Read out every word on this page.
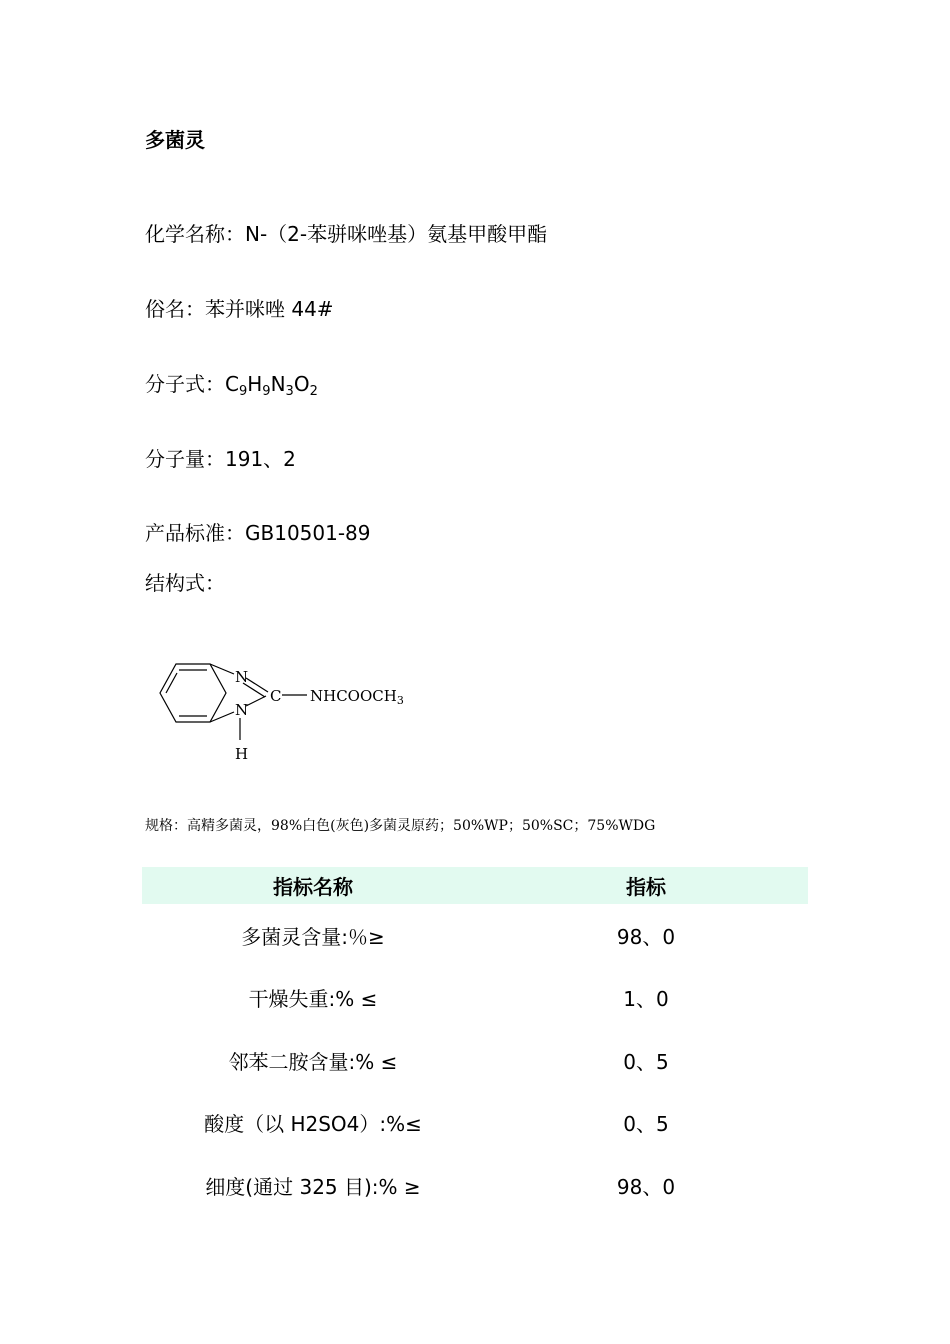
多菌灵
化学名称：N-（2-苯骈咪唑基）氨基甲酸甲酯
俗名：苯并咪唑 44#
分子式：$C_9H_9N_3O_2$
分子量：191、2
产品标准：GB10501-89
结构式：
N
N
C $NHCOOCH_3$
H
规格：高精多菌灵，98%白色(灰色)多菌灵原药；50%WP；50%SC；75%WDG
指标名称	指标
多菌灵含量:％≥	98、0
干燥失重:% ≤	1、0
邻苯二胺含量:% ≤	0、5
酸度（以 H2SO4）:%≤	0、5
细度(通过 325 目):% ≥	98、0
